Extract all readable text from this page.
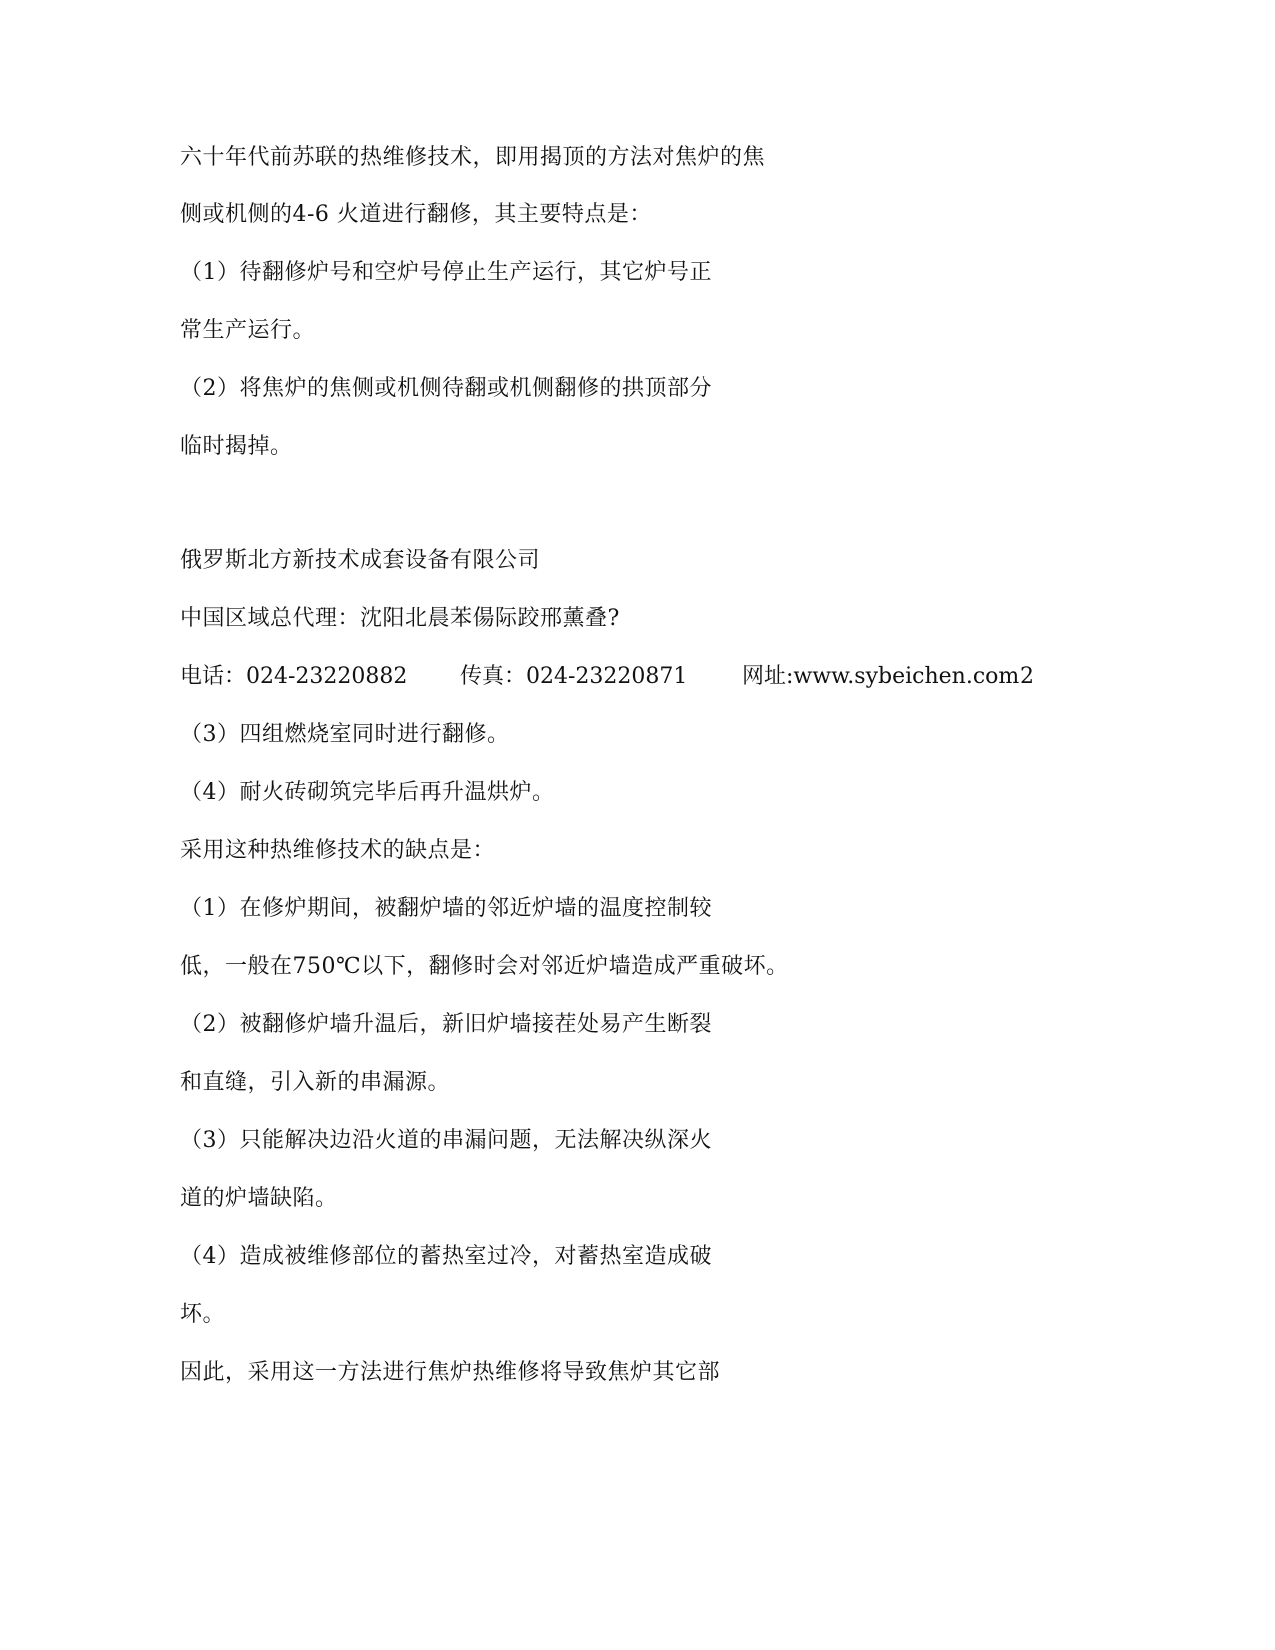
六十年代前苏联的热维修技术，即用揭顶的方法对焦炉的焦
侧或机侧的4-6 火道进行翻修，其主要特点是：
（1）待翻修炉号和空炉号停止生产运行，其它炉号正
常生产运行。
（2）将焦炉的焦侧或机侧待翻或机侧翻修的拱顶部分
临时揭掉。
俄罗斯北方新技术成套设备有限公司
中国区域总代理：沈阳北晨苯偒际跤邢薰叠?
电话：024-23220882 传真：024-23220871 网址:www.sybeichen.com 2
（3）四组燃烧室同时进行翻修。
（4）耐火砖砌筑完毕后再升温烘炉。
采用这种热维修技术的缺点是：
（1）在修炉期间，被翻炉墙的邻近炉墙的温度控制较
低，一般在750℃以下，翻修时会对邻近炉墙造成严重破坏。
（2）被翻修炉墙升温后，新旧炉墙接茬处易产生断裂
和直缝，引入新的串漏源。
（3）只能解决边沿火道的串漏问题，无法解决纵深火
道的炉墙缺陷。
（4）造成被维修部位的蓄热室过冷，对蓄热室造成破
坏。
因此，采用这一方法进行焦炉热维修将导致焦炉其它部
